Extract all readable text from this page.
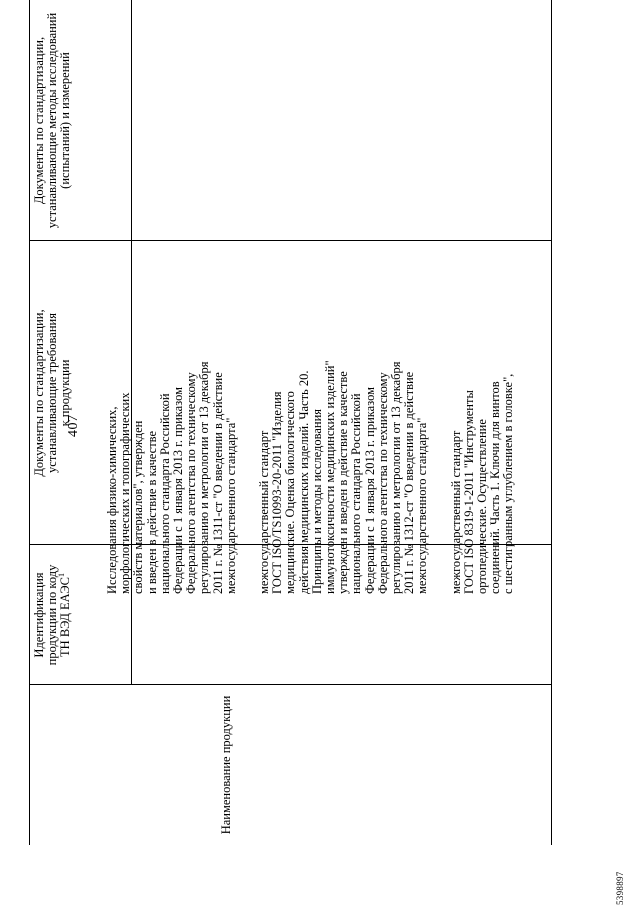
407
Наименование продукции
Идентификация продукции по коду ТН ВЭД ЕАЭС$^1$
Документы по стандартизации, устанавливающие требования к продукции
Документы по стандартизации, устанавливающие методы исследований (испытаний) и измерений
Исследования физико-химических, морфологических и топографических свойств материалов", утвержден и введен в действие в качестве национального стандарта Российской Федерации с 1 января 2013 г. приказом Федерального агентства по техническому регулированию и метрологии от 13 декабря 2011 г. № 1311-ст "О введении в действие межгосударственного стандарта" межгосударственный стандарт ГОСТ ISO/TS10993-20-2011 "Изделия медицинские. Оценка биологического действия медицинских изделий. Часть 20. Принципы и методы исследования иммунотоксичности медицинских изделий" утвержден и введен в действие в качестве национального стандарта Российской Федерации с 1 января 2013 г. приказом Федерального агентства по техническому регулированию и метрологии от 13 декабря 2011 г. № 1312-ст "О введении в действие межгосударственного стандарта" межгосударственный стандарт ГОСТ ISO 8319-1-2011 "Инструменты ортопедические. Осуществление соединений. Часть 1. Ключи для винтов с шестигранным углублением в головке",
5398897
